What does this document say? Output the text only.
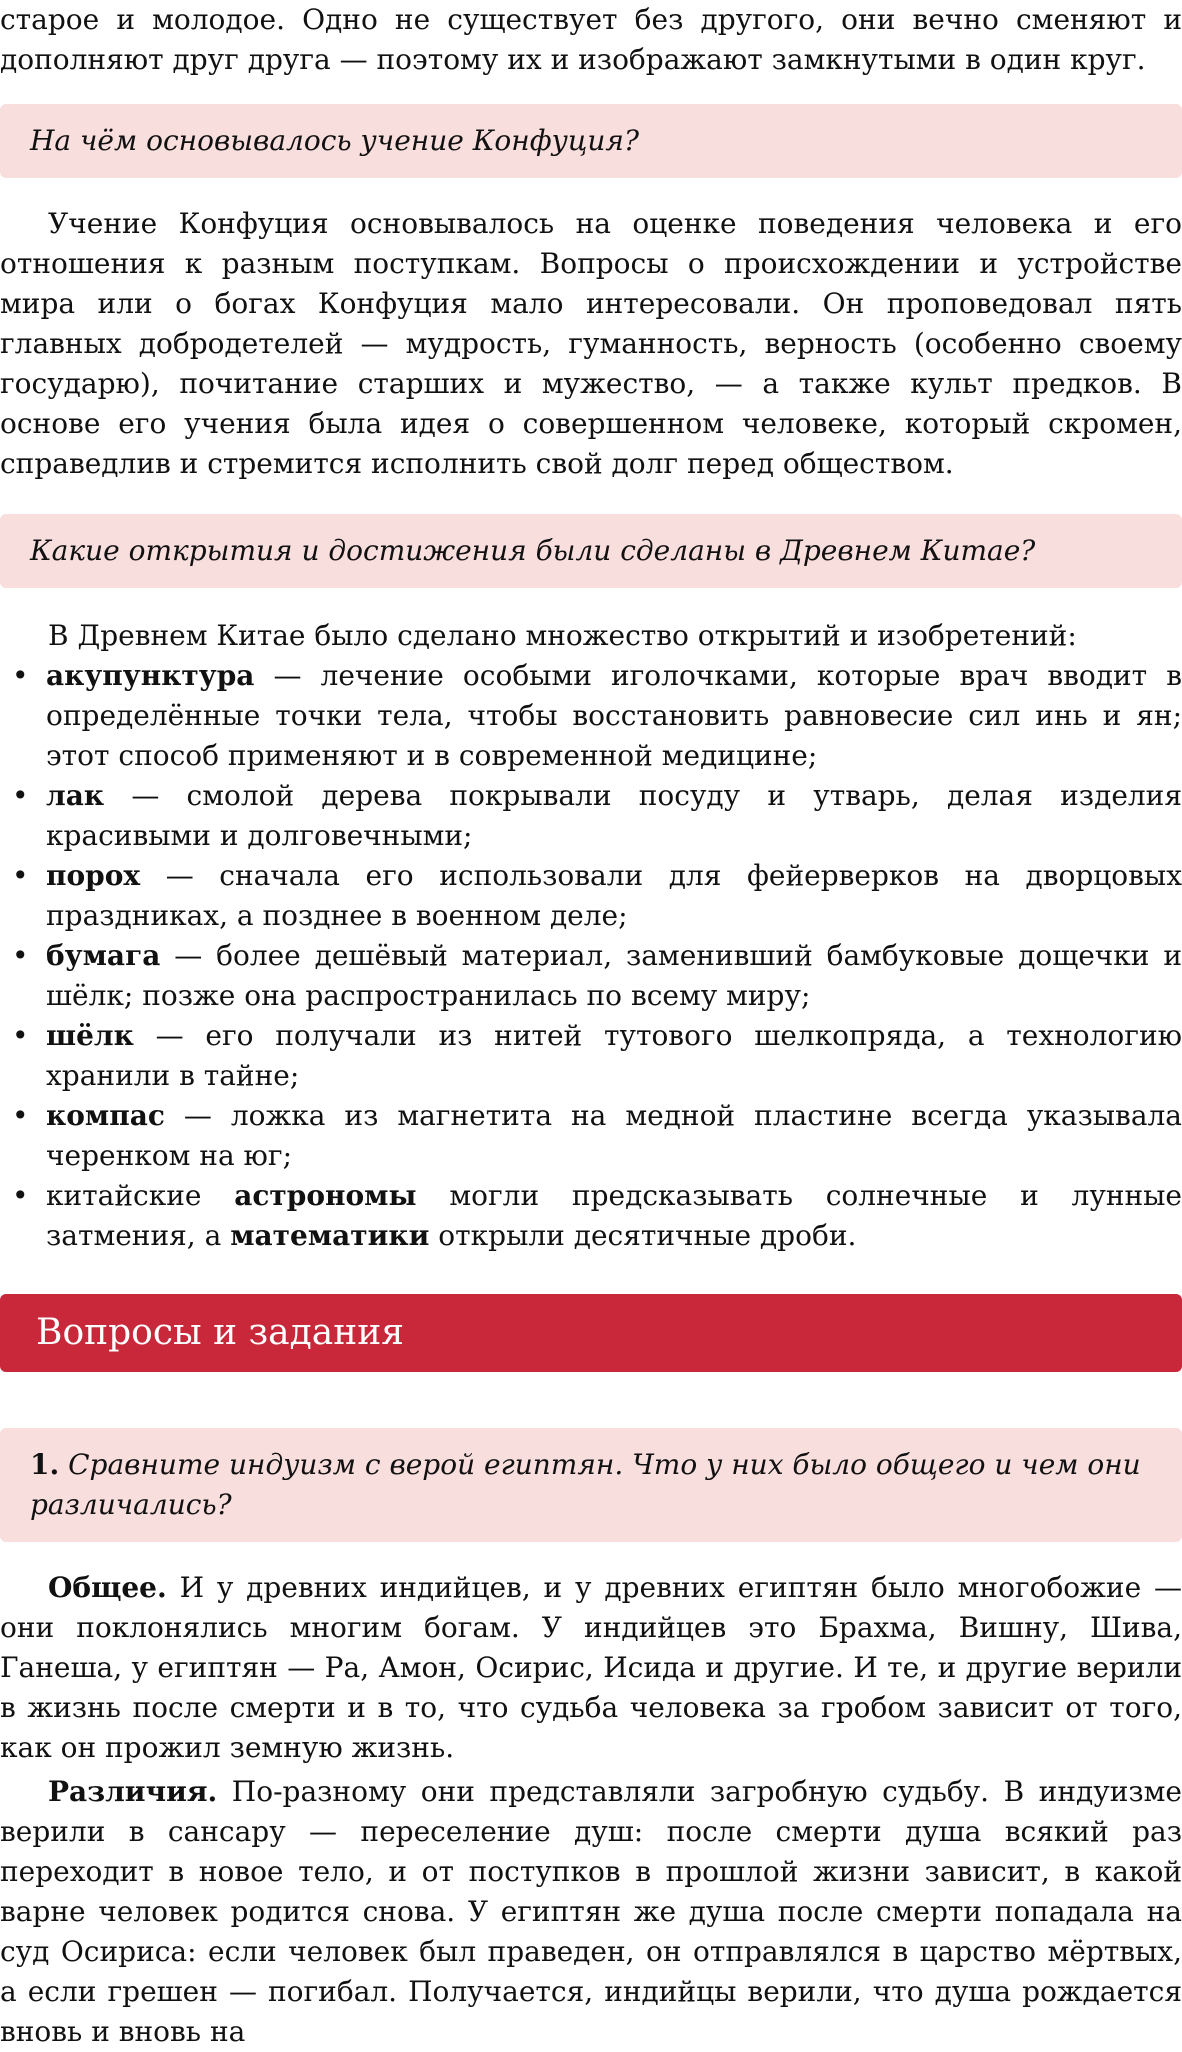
старое и молодое. Одно не существует без другого, они вечно сменяют и дополняют друг друга — поэтому их и изображают замкнутыми в один круг.

На чём основывалось учение Конфуция?

Учение Конфуция основывалось на оценке поведения человека и его отношения к разным поступкам. Вопросы о происхождении и устройстве мира или о богах Конфуция мало интересовали. Он проповедовал пять главных добродетелей — мудрость, гуманность, верность (особенно своему государю), почитание старших и мужество, — а также культ предков. В основе его учения была идея о совершенном человеке, который скромен, справедлив и стремится исполнить свой долг перед обществом.

Какие открытия и достижения были сделаны в Древнем Китае?

В Древнем Китае было сделано множество открытий и изобретений:

• акупунктура — лечение особыми иголочками, которые врач вводит в определённые точки тела, чтобы восстановить равновесие сил инь и ян; этот способ применяют и в современной медицине;
• лак — смолой дерева покрывали посуду и утварь, делая изделия красивыми и долговечными;
• порох — сначала его использовали для фейерверков на дворцовых праздниках, а позднее в военном деле;
• бумага — более дешёвый материал, заменивший бамбуковые дощечки и шёлк; позже она распространилась по всему миру;
• шёлк — его получали из нитей тутового шелкопряда, а технологию хранили в тайне;
• компас — ложка из магнетита на медной пластине всегда указывала черенком на юг;
• китайские астрономы могли предсказывать солнечные и лунные затмения, а математики открыли десятичные дроби.
Вопросы и задания
1. Сравните индуизм с верой египтян. Что у них было общего и чем они различались?

Общее. И у древних индийцев, и у древних египтян было многобожие — они поклонялись многим богам. У индийцев это Брахма, Вишну, Шива, Ганеша, у египтян — Ра, Амон, Осирис, Исида и другие. И те, и другие верили в жизнь после смерти и в то, что судьба человека за гробом зависит от того, как он прожил земную жизнь.

Различия. По-разному они представляли загробную судьбу. В индуизме верили в сансару — переселение душ: после смерти душа всякий раз переходит в новое тело, и от поступков в прошлой жизни зависит, в какой варне человек родится снова. У египтян же душа после смерти попадала на суд Осириса: если человек был праведен, он отправлялся в царство мёртвых, а если грешен — погибал. Получается, индийцы верили, что душа рождается вновь и вновь на
